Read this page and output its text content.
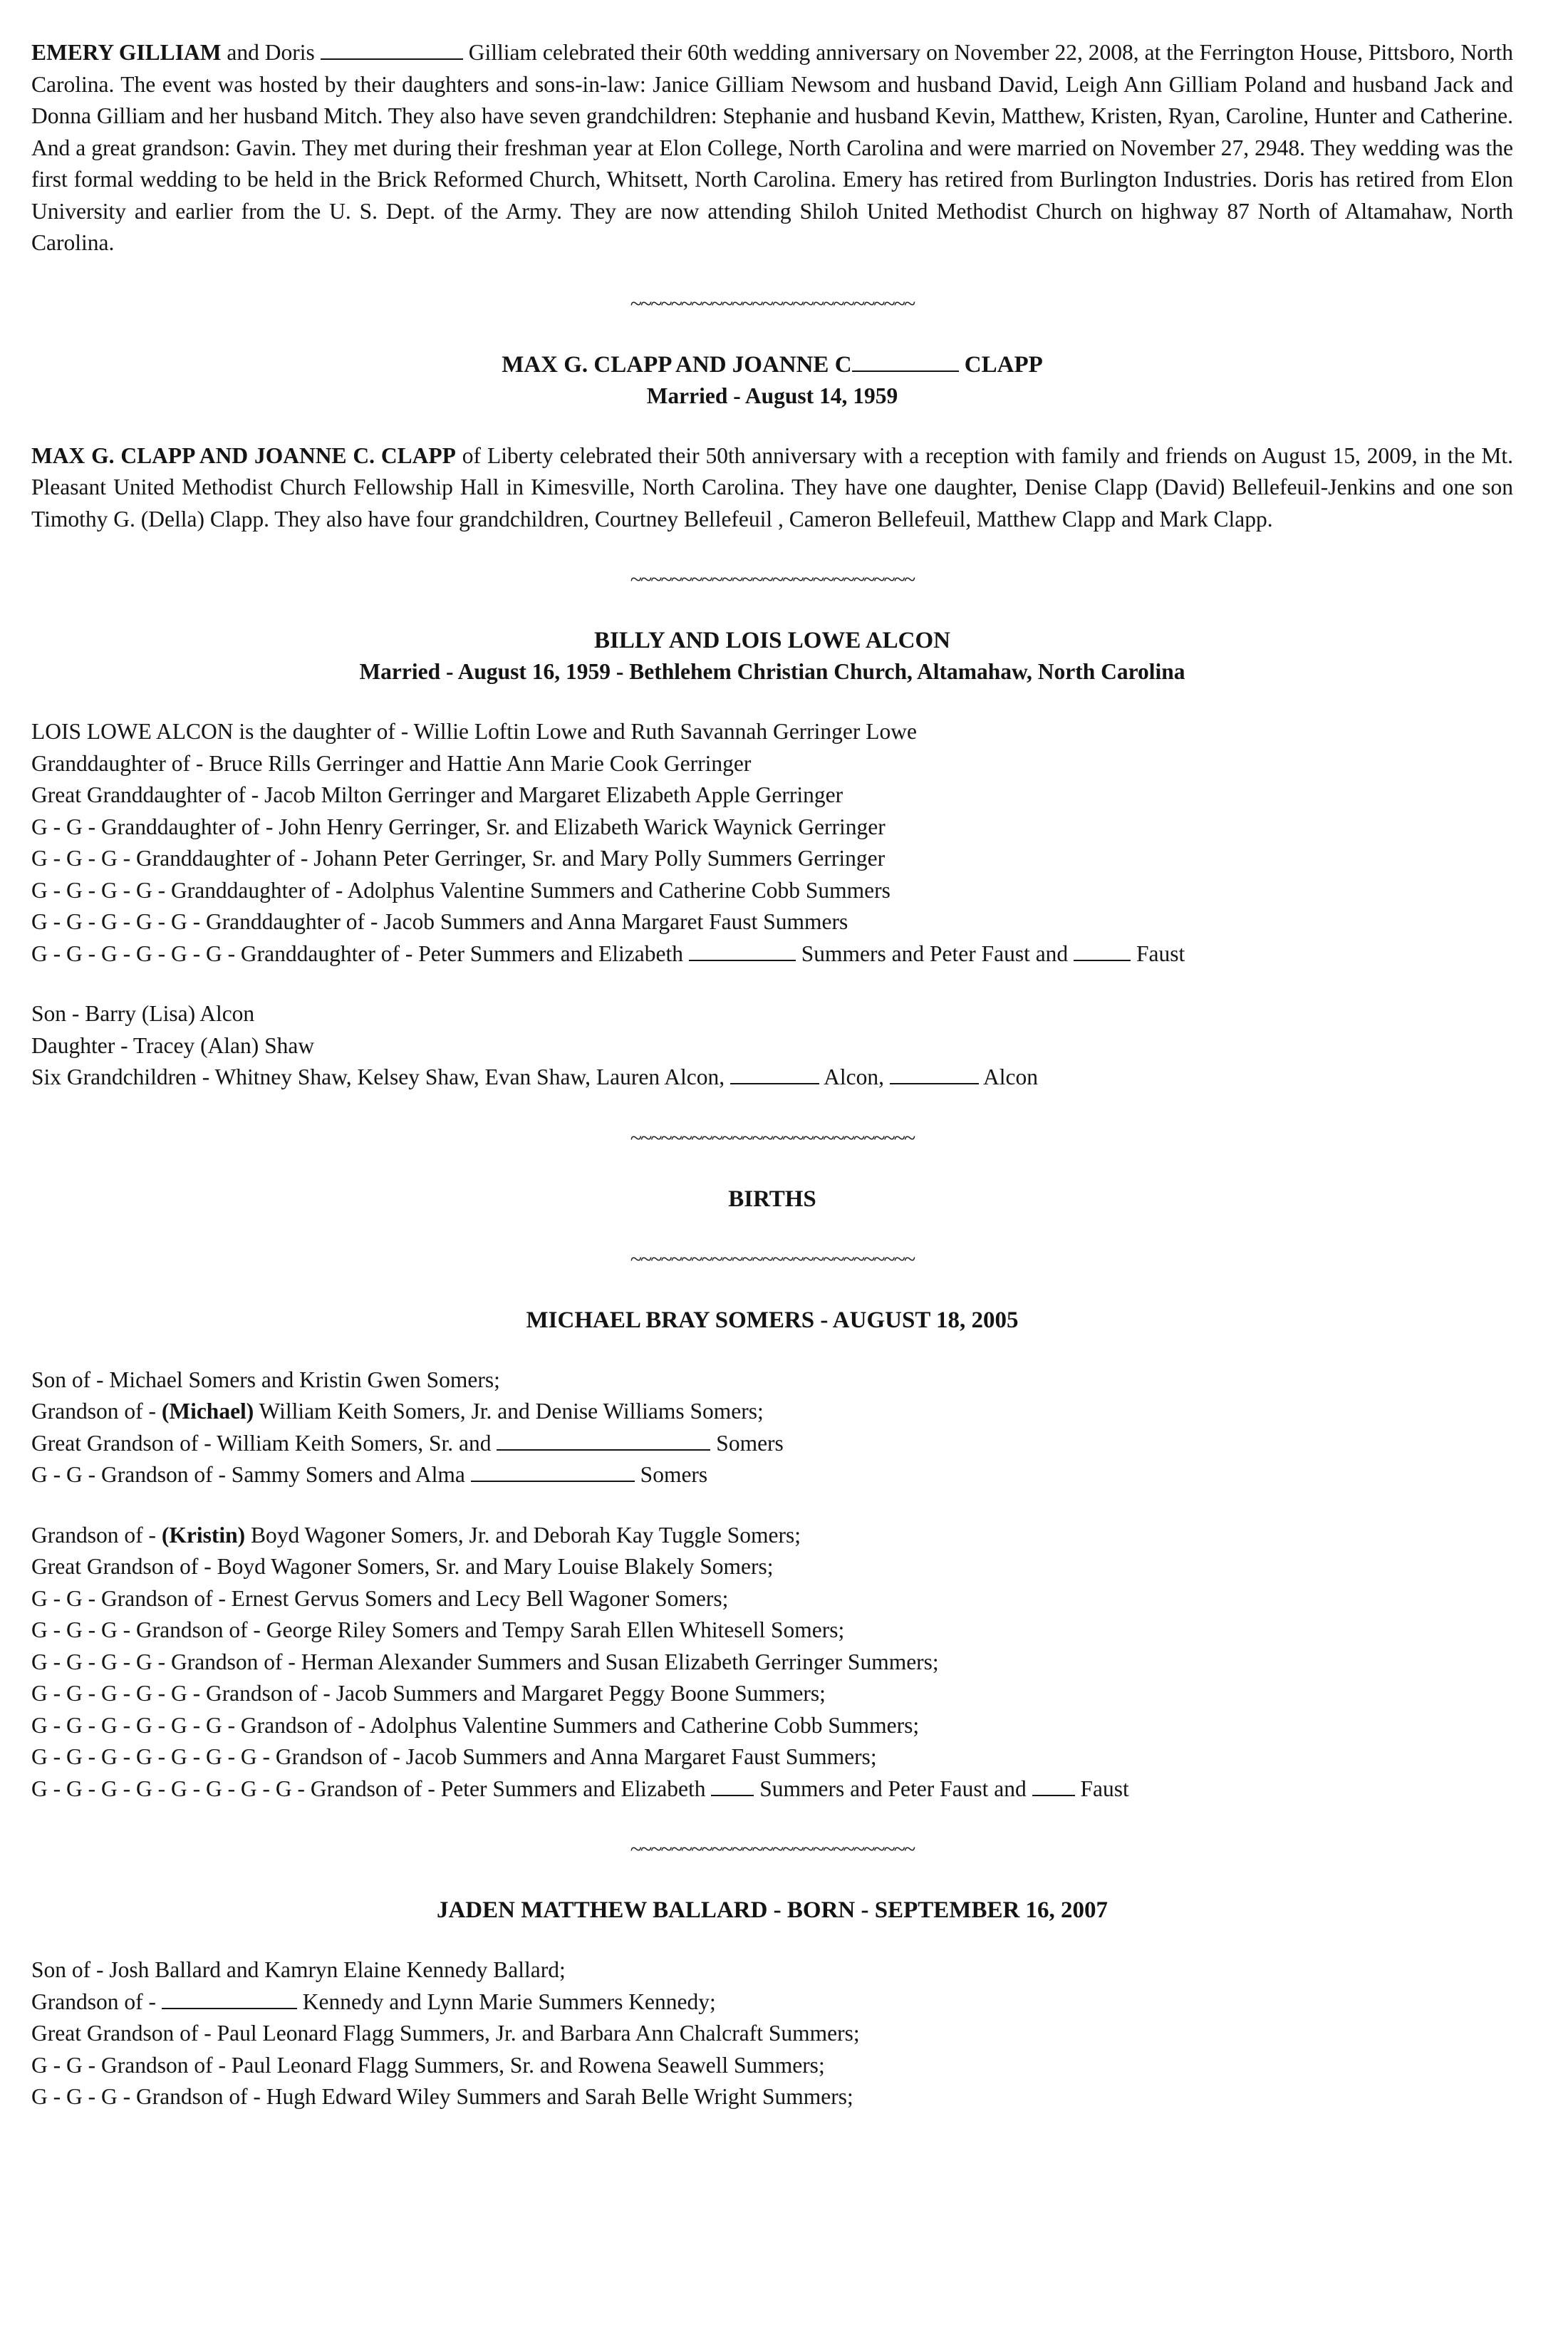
EMERY GILLIAM and Doris	Gilliam celebrated their 60th wedding anniversary on November 22, 2008, at the Ferrington House, Pittsboro, North Carolina. The event was hosted by their daughters and sons-in-law: Janice Gilliam Newsom and husband David, Leigh Ann Gilliam Poland and husband Jack and Donna Gilliam and her husband Mitch. They also have seven grandchildren: Stephanie and husband Kevin, Matthew, Kristen, Ryan, Caroline, Hunter and Catherine. And a great grandson: Gavin. They met during their freshman year at Elon College, North Carolina and were married on November 27, 2948. They wedding was the first formal wedding to be held in the Brick Reformed Church, Whitsett, North Carolina. Emery has retired from Burlington Industries. Doris has retired from Elon University and earlier from the U. S. Dept. of the Army. They are now attending Shiloh United Methodist Church on highway 87 North of Altamahaw, North Carolina.

~~~~~~~~~~~~~~~~~~~~~~~~~~~~
MAX G. CLAPP AND JOANNE C	CLAPP
Married - August 14, 1959

MAX G. CLAPP AND JOANNE C. CLAPP of Liberty celebrated their 50th anniversary with a reception with family and friends on August 15, 2009, in the Mt. Pleasant United Methodist Church Fellowship Hall in Kimesville, North Carolina. They have one daughter, Denise Clapp (David) Bellefeuil-Jenkins and one son Timothy G. (Della) Clapp. They also have four grandchildren, Courtney Bellefeuil , Cameron Bellefeuil, Matthew Clapp and Mark Clapp.

~~~~~~~~~~~~~~~~~~~~~~~~~~~~
BILLY AND LOIS LOWE ALCON
Married - August 16, 1959 - Bethlehem Christian Church, Altamahaw, North Carolina
LOIS LOWE ALCON is the daughter of - Willie Loftin Lowe and Ruth Savannah Gerringer Lowe
Granddaughter of - Bruce Rills Gerringer and Hattie Ann Marie Cook Gerringer
Great Granddaughter of - Jacob Milton Gerringer and Margaret Elizabeth Apple Gerringer
G - G - Granddaughter of - John Henry Gerringer, Sr. and Elizabeth Warick Waynick Gerringer
G - G - G - Granddaughter of - Johann Peter Gerringer, Sr. and Mary Polly Summers Gerringer
G - G - G - G - Granddaughter of - Adolphus Valentine Summers and Catherine Cobb Summers
G - G - G - G - G - Granddaughter of - Jacob Summers and Anna Margaret Faust Summers
G - G - G - G - G - G - Granddaughter of - Peter Summers and Elizabeth	Summers and Peter Faust and	Faust
Son - Barry (Lisa) Alcon
Daughter - Tracey (Alan) Shaw
Six Grandchildren - Whitney Shaw, Kelsey Shaw, Evan Shaw, Lauren Alcon,	Alcon,	Alcon
~~~~~~~~~~~~~~~~~~~~~~~~~~~~
BIRTHS
~~~~~~~~~~~~~~~~~~~~~~~~~~~~
MICHAEL BRAY SOMERS - AUGUST 18, 2005
Son of - Michael Somers and Kristin Gwen Somers;
Grandson of - (Michael) William Keith Somers, Jr. and Denise Williams Somers;
Great Grandson of - William Keith Somers, Sr. and	Somers
G - G - Grandson of - Sammy Somers and Alma	Somers
Grandson of - (Kristin) Boyd Wagoner Somers, Jr. and Deborah Kay Tuggle Somers;
Great Grandson of - Boyd Wagoner Somers, Sr. and Mary Louise Blakely Somers;
G - G - Grandson of - Ernest Gervus Somers and Lecy Bell Wagoner Somers;
G - G - G - Grandson of - George Riley Somers and Tempy Sarah Ellen Whitesell Somers;
G - G - G - G - Grandson of - Herman Alexander Summers and Susan Elizabeth Gerringer Summers;
G - G - G - G - G - Grandson of - Jacob Summers and Margaret Peggy Boone Summers;
G - G - G - G - G - G - Grandson of - Adolphus Valentine Summers and Catherine Cobb Summers;
G - G - G - G - G - G - G - Grandson of - Jacob Summers and Anna Margaret Faust Summers;
G - G - G - G - G - G - G - G - Grandson of - Peter Summers and Elizabeth  Summers and Peter Faust and  Faust
~~~~~~~~~~~~~~~~~~~~~~~~~~~~
JADEN MATTHEW BALLARD - BORN - SEPTEMBER 16, 2007
Son of - Josh Ballard and Kamryn Elaine Kennedy Ballard;
Grandson of -	Kennedy and Lynn Marie Summers Kennedy;
Great Grandson of - Paul Leonard Flagg Summers, Jr. and Barbara Ann Chalcraft Summers;
G - G - Grandson of - Paul Leonard Flagg Summers, Sr. and Rowena Seawell Summers;
G - G - G - Grandson of - Hugh Edward Wiley Summers and Sarah Belle Wright Summers;
